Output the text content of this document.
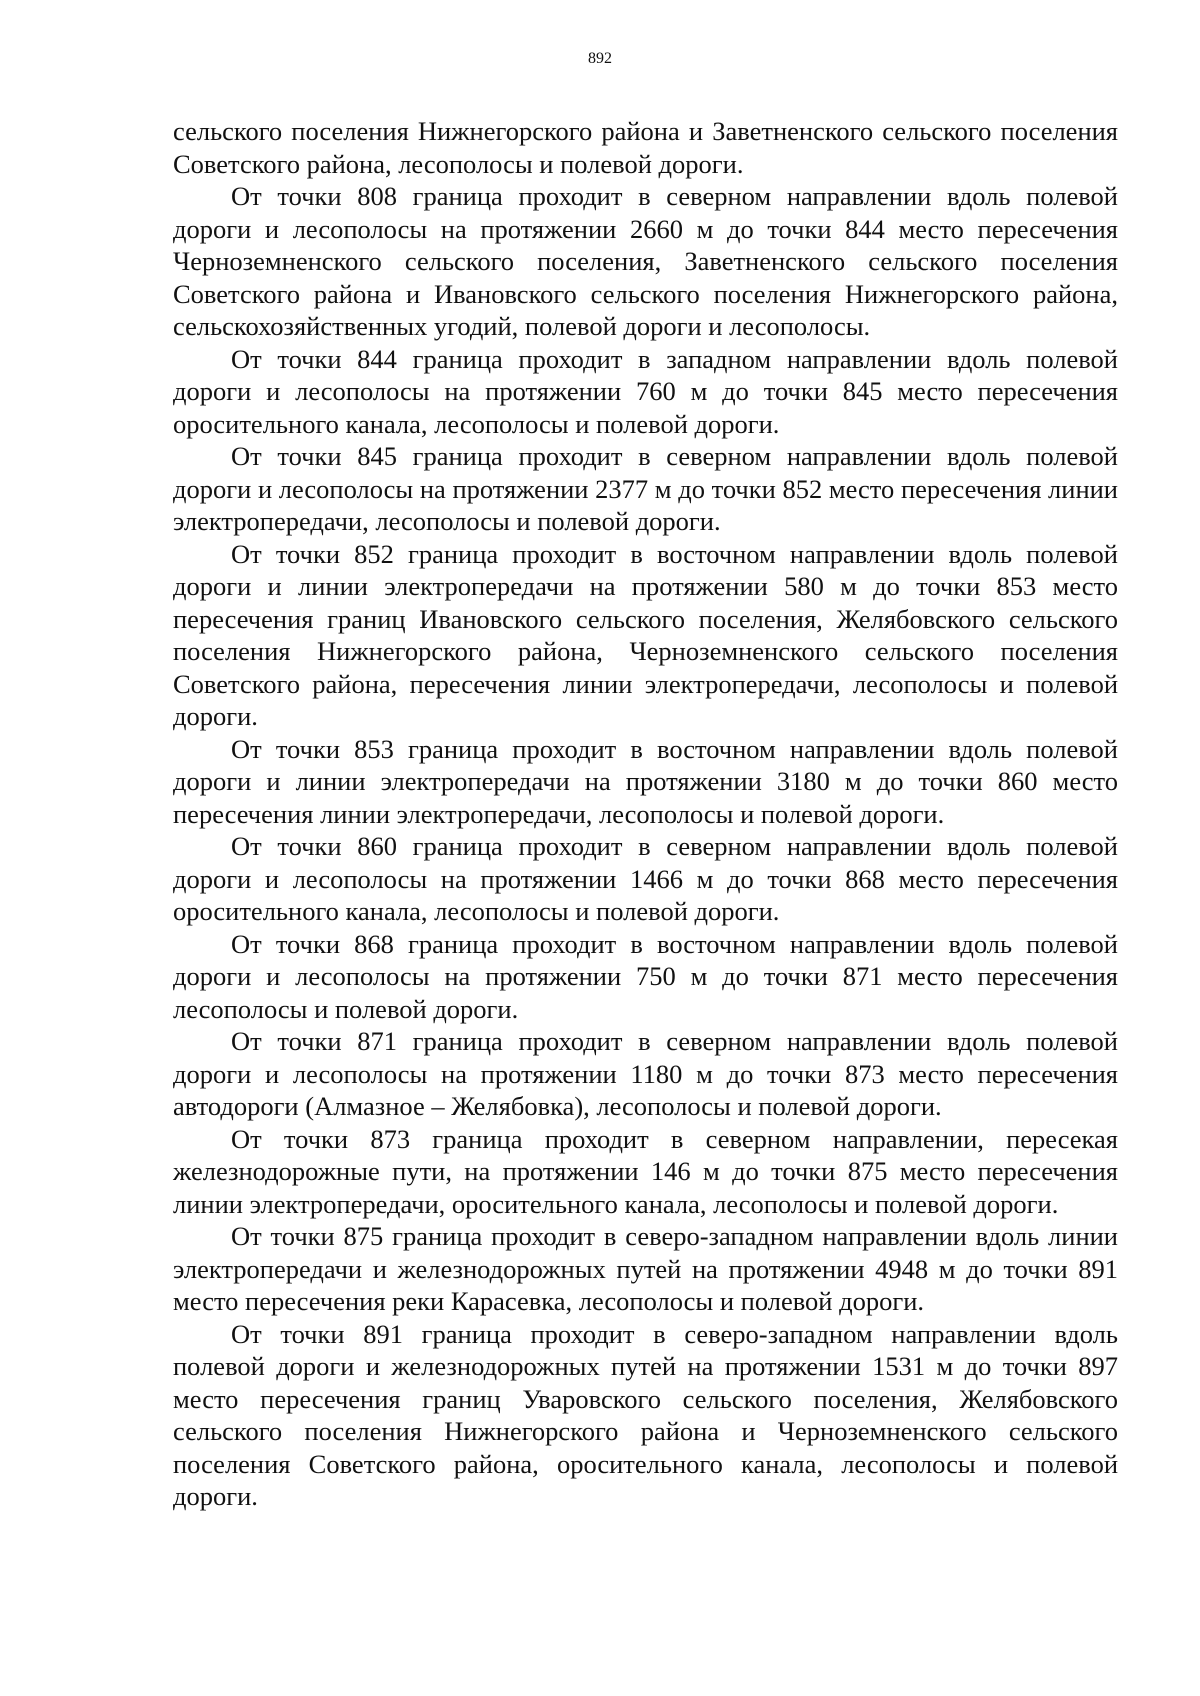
892

сельского поселения Нижнегорского района и Заветненского сельского поселения Советского района, лесополосы и полевой дороги.

От точки 808 граница проходит в северном направлении вдоль полевой дороги и лесополосы на протяжении 2660 м до точки 844 место пересечения Черноземненского сельского поселения, Заветненского сельского поселения Советского района и Ивановского сельского поселения Нижнегорского района, сельскохозяйственных угодий, полевой дороги и лесополосы.

От точки 844 граница проходит в западном направлении вдоль полевой дороги и лесополосы на протяжении 760 м до точки 845 место пересечения оросительного канала, лесополосы и полевой дороги.

От точки 845 граница проходит в северном направлении вдоль полевой дороги и лесополосы на протяжении 2377 м до точки 852 место пересечения линии электропередачи, лесополосы и полевой дороги.

От точки 852 граница проходит в восточном направлении вдоль полевой дороги и линии электропередачи на протяжении 580 м до точки 853 место пересечения границ Ивановского сельского поселения, Желябовского сельского поселения Нижнегорского района, Черноземненского сельского поселения Советского района, пересечения линии электропередачи, лесополосы и полевой дороги.

От точки 853 граница проходит в восточном направлении вдоль полевой дороги и линии электропередачи на протяжении 3180 м до точки 860 место пересечения линии электропередачи, лесополосы и полевой дороги.

От точки 860 граница проходит в северном направлении вдоль полевой дороги и лесополосы на протяжении 1466 м до точки 868 место пересечения оросительного канала, лесополосы и полевой дороги.

От точки 868 граница проходит в восточном направлении вдоль полевой дороги и лесополосы на протяжении 750 м до точки 871 место пересечения лесополосы и полевой дороги.

От точки 871 граница проходит в северном направлении вдоль полевой дороги и лесополосы на протяжении 1180 м до точки 873 место пересечения автодороги (Алмазное – Желябовка), лесополосы и полевой дороги.

От точки 873 граница проходит в северном направлении, пересекая железнодорожные пути, на протяжении 146 м до точки 875 место пересечения линии электропередачи, оросительного канала, лесополосы и полевой дороги.

От точки 875 граница проходит в северо-западном направлении вдоль линии электропередачи и железнодорожных путей на протяжении 4948 м до точки 891 место пересечения реки Карасевка, лесополосы и полевой дороги.

От точки 891 граница проходит в северо-западном направлении вдоль полевой дороги и железнодорожных путей на протяжении 1531 м до точки 897 место пересечения границ Уваровского сельского поселения, Желябовского сельского поселения Нижнегорского района и Черноземненского сельского поселения Советского района, оросительного канала, лесополосы и полевой дороги.
